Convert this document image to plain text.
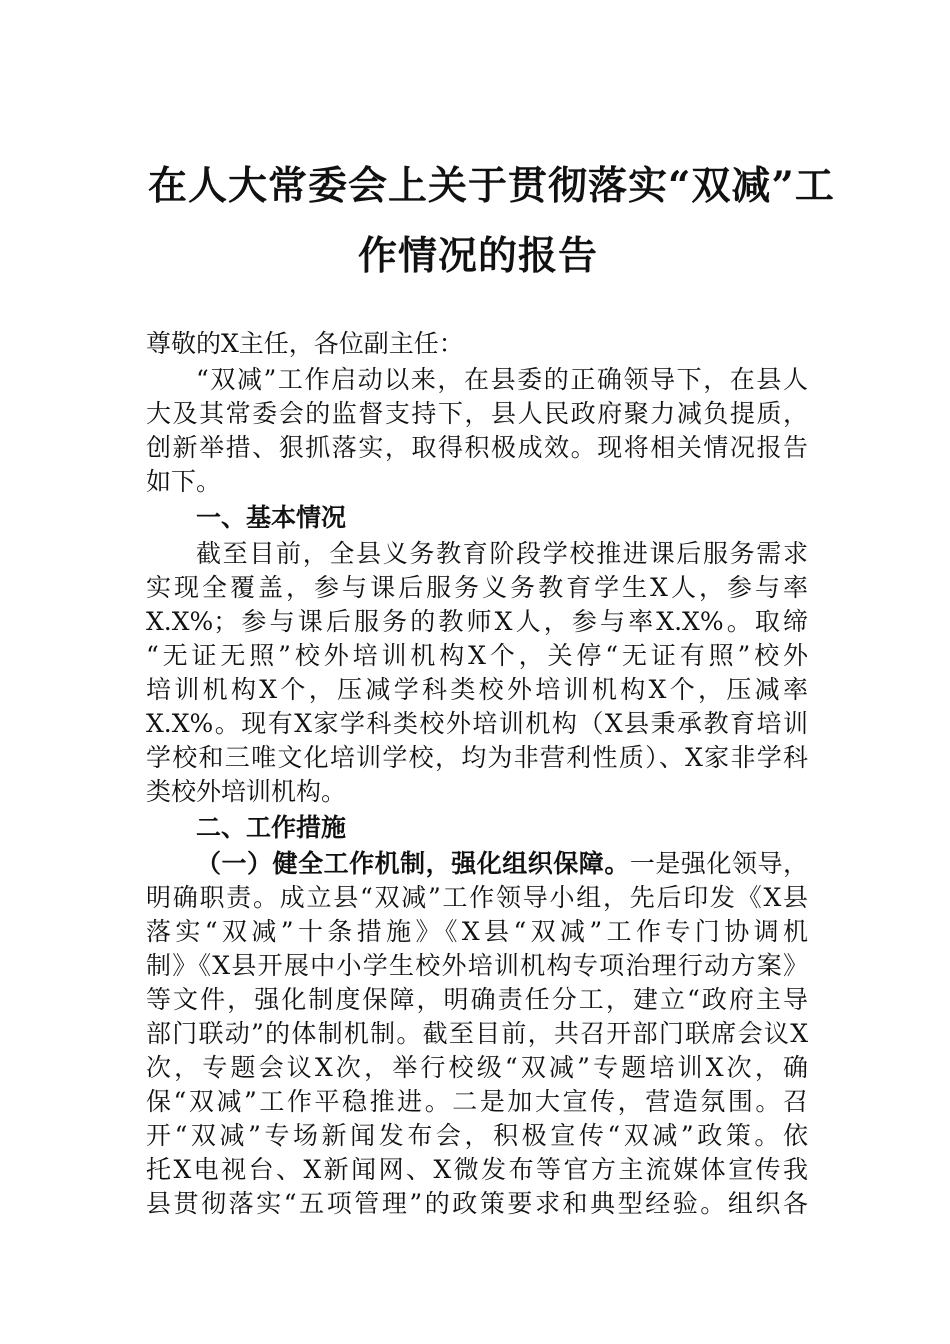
在人大常委会上关于贯彻落实“双减”工
作情况的报告
尊敬的X主任，各位副主任：
“双减”工作启动以来，在县委的正确领导下，在县人
大及其常委会的监督支持下，县人民政府聚力减负提质，
创新举措、狠抓落实，取得积极成效。现将相关情况报告
如下。
一、基本情况
截至目前，全县义务教育阶段学校推进课后服务需求
实现全覆盖，参与课后服务义务教育学生X人，参与率
X.X%；参与课后服务的教师X人，参与率X.X%。取缔
“无证无照”校外培训机构X个，关停“无证有照”校外
培训机构X个，压减学科类校外培训机构X个，压减率
X.X%。现有X家学科类校外培训机构（X县秉承教育培训
学校和三唯文化培训学校，均为非营利性质）、X家非学科
类校外培训机构。
二、工作措施
（一）健全工作机制，强化组织保障。一是强化领导，
明确职责。成立县“双减”工作领导小组，先后印发《X县
落实“双减”十条措施》《X县“双减”工作专门协调机
制》《X县开展中小学生校外培训机构专项治理行动方案》
等文件，强化制度保障，明确责任分工，建立“政府主导
部门联动”的体制机制。截至目前，共召开部门联席会议X
次，专题会议X次，举行校级“双减”专题培训X次，确
保“双减”工作平稳推进。二是加大宣传，营造氛围。召
开“双减”专场新闻发布会，积极宣传“双减”政策。依
托X电视台、X新闻网、X微发布等官方主流媒体宣传我
县贯彻落实“五项管理”的政策要求和典型经验。组织各
